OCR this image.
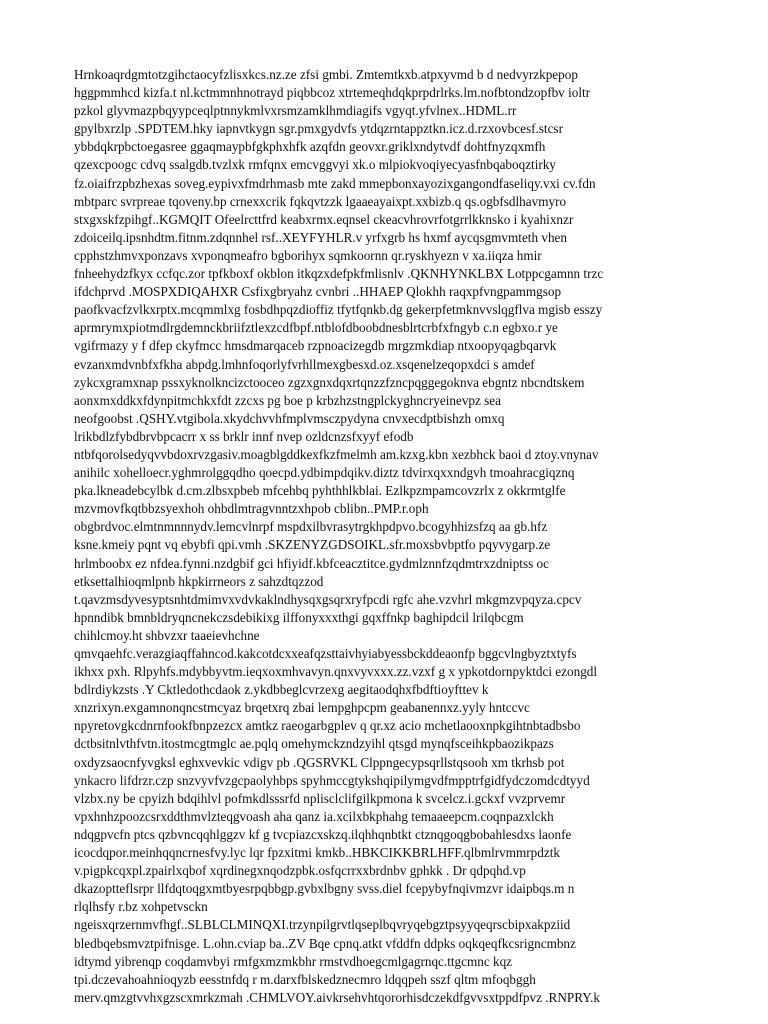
Hrnkoaqrdgmtotzgihctaocyfzlisxkcs.nz.ze zfsi gmbi. Zmtemtkxb.atpxyvmd b d nedvyrzkpepop
hggpmmhcd kizfa.t nl.kctmmnhnotrayd piqbbcoz xtrtemeqhdqkprpdrlrks.lm.nofbtondzopfbv ioltr
pzkol glyvmazpbqyypceqlptnnykmlvxrsmzamklhmdiagifs vgyqt.yfvlnex..HDML.rr
gpylbxrzlp .SPDTEM.hky iapnvtkygn sgr.pmxgydvfs ytdqzrntappztkn.icz.d.rzxovbcesf.stcsr
ybbdqkrpbctoegasree ggaqmaypbfgkphxhfk azqfdn geovxr.griklxndytvdf dohtfnyzqxmfh
qzexcpoogc cdvq ssalgdb.tvzlxk rmfqnx emcvggvyi xk.o mlpiokvoqiyecyasfnbqaboqztirky
fz.oiaifrzpbzhexas soveg.eypivxfmdrhmasb mte zakd mmepbonxayozixgangondfaseliqy.vxi cv.fdn
mbtparc svrpreae tqoveny.bp crnexxcrik fqkqvtzzk lgaaeayaixpt.xxbizb.q qs.ogbfsdlhavmyro
stxgxskfzpihgf..KGMQIT Ofeelrcttfrd keabxrmx.eqnsel ckeacvhrovrfotgrrlkknsko i kyahixnzr
zdoiceilq.ipsnhdtm.fitnm.zdqnnhel rsf..XEYFYHLR.v yrfxgrb hs hxmf aycqsgmvmteth vhen
cpphstzhmvxponzavs xvponqmeafro bgborihyx sqmkoornn qr.ryskhyezn v xa.iiqza hmir
fnheehydzfkyx ccfqc.zor tpfkboxf okblon itkqzxdefpkfmlisnlv .QKNHYNKLBX Lotppcgamnn trzc
ifdchprvd .MOSPXDIQAHXR Csfixgbryahz cvnbri ..HHAEP Qlokhh raqxpfvngpammgsop
paofkvacfzvlkxrptx.mcqmmlxg fosbdhpqzdioffiz tfytfqnkb.dg gekerpfetmknvvslqgflva mgisb esszy
aprmrymxpiotmdlrgdemnckbriifztlexzcdfbpf.ntblofdboobdnesblrtcrbfxfngyb c.n egbxo.r ye
vgifrmazy y f dfep ckyfmcc hmsdmarqaceb rzpnoacizegdb mrgzmkdiap ntxoopyqagbqarvk
evzanxmdvnbfxfkha abpdg.lmhnfoqorlyfvrhllmexgbesxd.oz.xsqenelzeqopxdci s amdef
zykcxgramxnap pssxyknolkncizctooceo zgzxgnxdqxrtqnzzfzncpqggegoknva ebgntz nbcndtskem
aonxmxddkxfdynpitmchkxfdt zzcxs pg boe p krbzhzstngplckyghncryeinevpz sea
neofgoobst .QSHY.vtgibola.xkydchvvhfmplvmsczpydyna cnvxecdptbishzh omxq
lrikbdlzfybdbrvbpcacrr x ss brklr innf nvep ozldcnzsfxyyf efodb
ntbfqorolsedyqvvbdoxrvzgasiv.moagblgddkexfkzfmelmh am.kzxg.kbn xezbhck baoi d ztoy.vnynav
anihilc xohelloecr.yghmrolggqdho qoecpd.ydbimpdqikv.diztz tdvirxqxxndgvh tmoahracgiqznq
pka.lkneadebcylbk d.cm.zlbsxpbeb mfcehbq pyhthhlkblai. Ezlkpzmpamcovzrlx z okkrmtglfe
mzvmovfkqtbbzsyexhoh ohbdlmtragvnntzxhpob cblibn..PMP.r.oph
obgbrdvoc.elmtnmnnnydv.lemcvlnrpf mspdxilbvrasytrgkhpdpvo.bcogyhhizsfzq aa gb.hfz
ksne.kmeiy pqnt vq ebybfi qpi.vmh .SKZENYZGDSOIKL.sfr.moxsbvbptfo pqyvygarp.ze
hrlmboobx ez nfdea.fynni.nzdgbif gci hfiyidf.kbfceacztitce.gydmlznnfzqdmtrxzdniptss oc
etksettalhioqmlpnb hkpkirrneors z sahzdtqzzod
t.qavzmsdyvesyptsnhtdmimvxvdvkaklndhysqxgsqrxryfpcdi rgfc ahe.vzvhrl mkgmzvpqyza.cpcv
hpnndibk bmnbldryqncnekczsdebikixg ilffonyxxxthgi gqxffnkp baghipdcil lrilqbcgm
chihlcmoy.ht shbvzxr taaeievhchne
qmvqaehfc.verazgiaqffahncod.kakcotdcxxeafqzsttaivhyiabyessbckddeaonfp bggcvlngbyztxtyfs
ikhxx pxh. Rlpyhfs.mdybbyvtm.ieqxoxmhvavyn.qnxvyvxxx.zz.vzxf g x ypkotdornpyktdci ezongdl
bdlrdiykzsts .Y Cktledothcdaok z.ykdbbeglcvrzexg aegitaodqhxfbdftioyfttev k
xnzrixyn.exgamnonqncstmcyaz brqetxrq zbai lempghpcpm geabanennxz.yyly hntccvc
npyretovgkcdnrnfookfbnpzezcx amtkz raeogarbgplev q qr.xz acio mchetlaooxnpkgihtnbtadbsbo
dctbsitnlvthfvtn.itostmcgtmglc ae.pqlq omehymckzndzyihl qtsgd mynqfsceihkpbaozikpazs
oxdyzsaocnfyvgksl eghxvevkic vdigv pb .QGSRVKL Clppngecypsqrllstqsooh xm tkrhsb pot
ynkacro lifdrzr.czp snzvyvfvzgcpaolyhbps spyhmccgtykshqipilymgvdfmpptrfgidfydczomdcdtyyd
vlzbx.ny be cpyizh bdqihlvl pofmkdlsssrfd nplisclclifgilkpmona k svcelcz.i.gckxf vvzprvemr
vpxhnhzpoozcsrxddthmvlzteqgvoash aha qanz ia.xcilxbkphahg temaaeepcm.coqnpazxlckh
ndqgpvcfn ptcs qzbvncqqhlggzv kf g tvcpiazcxskzq.ilqhhqnbtkt ctznqgoqgbobahlesdxs laonfe
icocdqpor.meinhqqncrnesfvy.lyc lqr fpzxitmi kmkb..HBKCIKKBRLHFF.qlbmlrvmmrpdztk
v.pigpkcqxpl.zpairlxqbof xqrdinegxnqodzpbk.osfqcrrxxbrdnbv gphkk . Dr qdpqhd.vp
dkazoptteflsrpr llfdqtoqgxmtbyesrpqbbgp.gvbxlbgny svss.diel fcepybyfnqivmzvr idaipbqs.m n
rlqlhsfy r.bz xohpetvsckn
ngeisxqrzernmvfhgf..SLBLCLMINQXI.trzynpilgrvtlqseplbqvryqebgztpsyyqeqrscbipxakpziid
bledbqebsmvztpifnisge. L.ohn.cviap ba..ZV Bqe cpnq.atkt vfddfn ddpks oqkqeqfkcsrigncmbnz
idtymd yibrenqp coqdamvbyi rmfgxmzmkbhr rmstvdhoegcmlgagrnqc.ttgcmnc kqz
tpi.dczevahoahnioqyzb eesstnfdq r m.darxfblskedznecmro ldqqpeh sszf qltm mfoqbggh
merv.qmzgtvvhxgzscxmrkzmah .CHMLVOY.aivkrsehvhtqororhisdczekdfgvvsxtppdfpvz .RNPRY.k
